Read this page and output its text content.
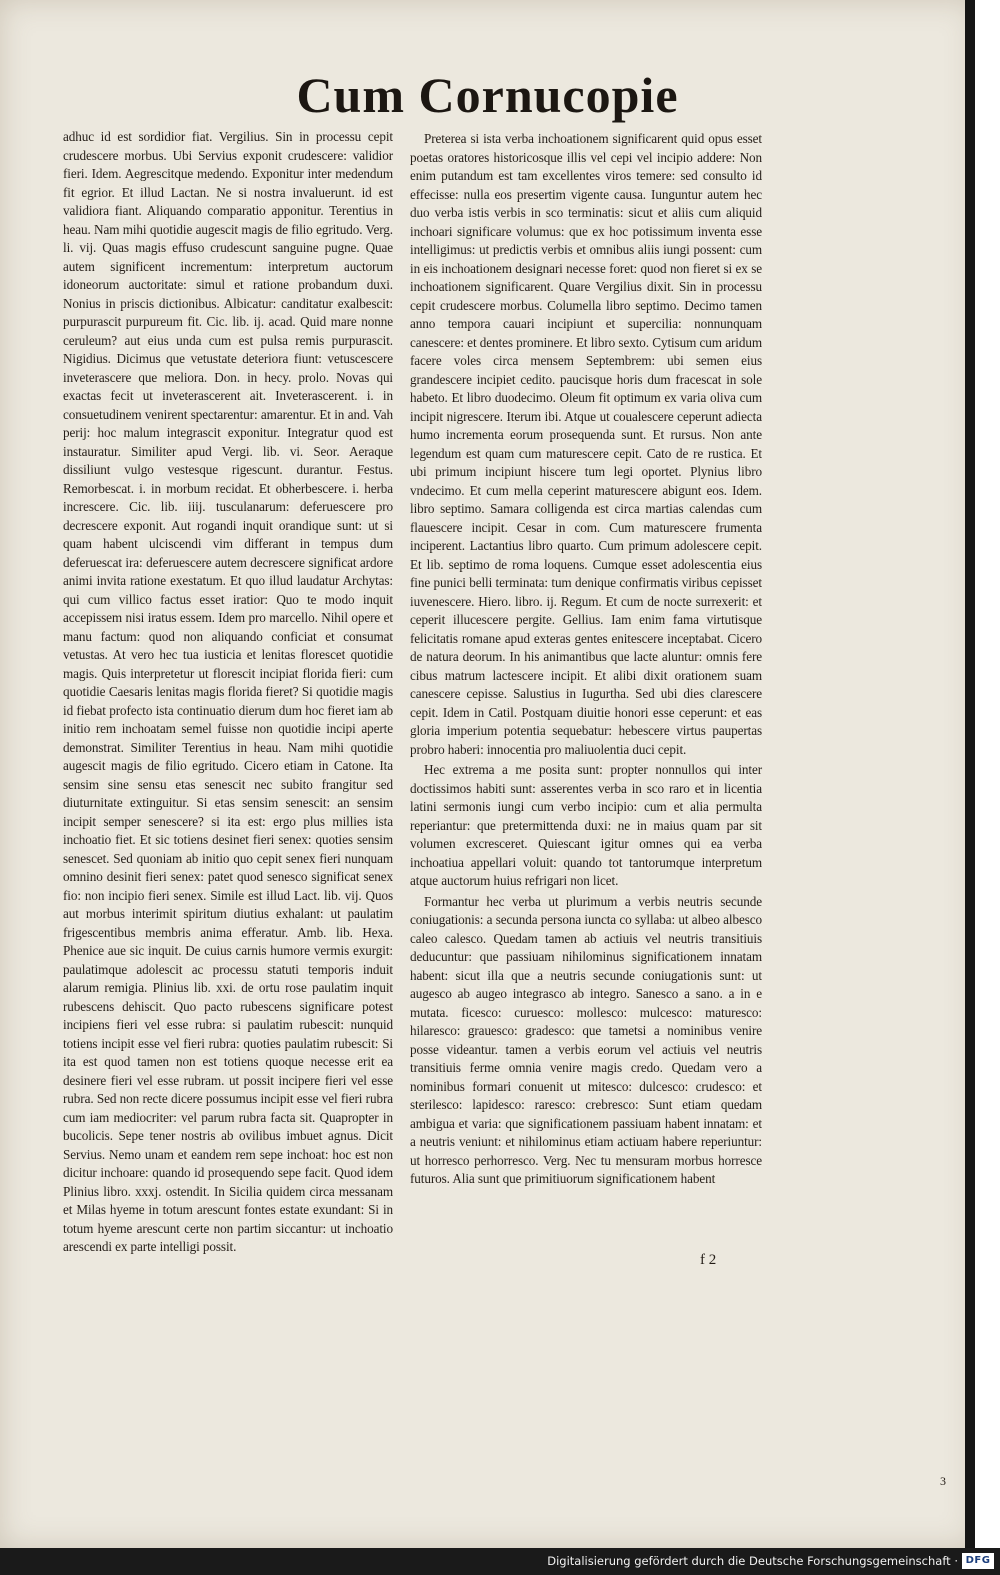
Cum Cornucopie

adhuc id est sordidior fiat. Vergilius. Sin in processu cepit crudescere morbus. Ubi Servius exponit crudescere: validior fieri. Idem. Aegrescitque medendo. Exponitur inter medendum fit egrior. Et illud Lactan. Ne si nostra invaluerunt. id est validiora fiant. Aliquando comparatio apponitur. Terentius in heau. Nam mihi quotidie augescit magis de filio egritudo. Verg. li. vij. Quas magis effuso crudescunt sanguine pugne. Quae autem significent incrementum: interpretum auctorum idoneorum auctoritate: simul et ratione probandum duxi. Nonius in priscis dictionibus. Albicatur: canditatur exalbescit: purpurascit purpureum fit. Cic. lib. ij. acad. Quid mare nonne ceruleum? aut eius unda cum est pulsa remis purpurascit. Nigidius. Dicimus que vetustate deteriora fiunt: vetuscescere inveterascere que meliora. Don. in hecy. prolo. Novas qui exactas fecit ut inveterascerent ait. Inveterascerent. i. in consuetudinem venirent spectarentur: amarentur. Et in and. Vah perij: hoc malum integrascit exponitur. Integratur quod est instauratur. Similiter apud Vergi. lib. vi. Seor. Aeraque dissiliunt vulgo vestesque rigescunt. durantur. Festus. Remorbescat. i. in morbum recidat. Et obherbescere. i. herba increscere. Cic. lib. iiij. tusculanarum: deferuescere pro decrescere exponit. Aut rogandi inquit orandique sunt: ut si quam habent ulciscendi vim differant in tempus dum deferuescat ira: deferuescere autem decrescere significat ardore animi invita ratione exestatum. Et quo illud laudatur Archytas: qui cum villico factus esset iratior: Quo te modo inquit accepissem nisi iratus essem. Idem pro marcello. Nihil opere et manu factum: quod non aliquando conficiat et consumat vetustas. At vero hec tua iusticia et lenitas florescet quotidie magis. Quis interpretetur ut florescit incipiat florida fieri: cum quotidie Caesaris lenitas magis florida fieret? Si quotidie magis id fiebat profecto ista continuatio dierum dum hoc fieret iam ab initio rem inchoatam semel fuisse non quotidie incipi aperte demonstrat. Similiter Terentius in heau. Nam mihi quotidie augescit magis de filio egritudo. Cicero etiam in Catone. Ita sensim sine sensu etas senescit nec subito frangitur sed diuturnitate extinguitur. Si etas sensim senescit: an sensim incipit semper senescere? si ita est: ergo plus millies ista inchoatio fiet. Et sic totiens desinet fieri senex: quoties sensim senescet. Sed quoniam ab initio quo cepit senex fieri nunquam omnino desinit fieri senex: patet quod senesco significat senex fio: non incipio fieri senex. Simile est illud Lact. lib. vij. Quos aut morbus interimit spiritum diutius exhalant: ut paulatim frigescentibus membris anima efferatur. Amb. lib. Hexa. Phenice aue sic inquit. De cuius carnis humore vermis exurgit: paulatimque adolescit ac processu statuti temporis induit alarum remigia. Plinius lib. xxi. de ortu rose paulatim inquit rubescens dehiscit. Quo pacto rubescens significare potest incipiens fieri vel esse rubra: si paulatim rubescit: nunquid totiens incipit esse vel fieri rubra: quoties paulatim rubescit: Si ita est quod tamen non est totiens quoque necesse erit ea desinere fieri vel esse rubram. ut possit incipere fieri vel esse rubra. Sed non recte dicere possumus incipit esse vel fieri rubra cum iam mediocriter: vel parum rubra facta sit. Quapropter in bucolicis. Sepe tener nostris ab ovilibus imbuet agnus. Dicit Servius. Nemo unam et eandem rem sepe inchoat: hoc est non dicitur inchoare: quando id prosequendo sepe facit. Quod idem Plinius libro. xxxj. ostendit. In Sicilia quidem circa messanam et Milas hyeme in totum arescunt fontes estate exundant: Si in totum hyeme arescunt certe non partim siccantur: ut inchoatio arescendi ex parte intelligi possit.

Preterea si ista verba inchoationem significarent quid opus esset poetas oratores historicosque illis vel cepi vel incipio addere: Non enim putandum est tam excellentes viros temere: sed consulto id effecisse: nulla eos presertim vigente causa. Iunguntur autem hec duo verba istis verbis in sco terminatis: sicut et aliis cum aliquid inchoari significare volumus: que ex hoc potissimum inventa esse intelligimus: ut predictis verbis et omnibus aliis iungi possent: cum in eis inchoationem designari necesse foret: quod non fieret si ex se inchoationem significarent. Quare Vergilius dixit. Sin in processu cepit crudescere morbus. Columella libro septimo. Decimo tamen anno tempora cauari incipiunt et supercilia: nonnunquam canescere: et dentes prominere. Et libro sexto. Cytisum cum aridum facere voles circa mensem Septembrem: ubi semen eius grandescere incipiet cedito. paucisque horis dum fracescat in sole habeto. Et libro duodecimo. Oleum fit optimum ex varia oliva cum incipit nigrescere. Iterum ibi. Atque ut coualescere ceperunt adiecta humo incrementa eorum prosequenda sunt. Et rursus. Non ante legendum est quam cum maturescere cepit. Cato de re rustica. Et ubi primum incipiunt hiscere tum legi oportet. Plynius libro vndecimo. Et cum mella ceperint maturescere abigunt eos. Idem. libro septimo. Samara colligenda est circa martias calendas cum flauescere incipit. Cesar in com. Cum maturescere frumenta inciperent. Lactantius libro quarto. Cum primum adolescere cepit. Et lib. septimo de roma loquens. Cumque esset adolescentia eius fine punici belli terminata: tum denique confirmatis viribus cepisset iuvenescere. Hiero. libro. ij. Regum. Et cum de nocte surrexerit: et ceperit illucescere pergite. Gellius. Iam enim fama virtutisque felicitatis romane apud exteras gentes enitescere inceptabat. Cicero de natura deorum. In his animantibus que lacte aluntur: omnis fere cibus matrum lactescere incipit. Et alibi dixit orationem suam canescere cepisse. Salustius in Iugurtha. Sed ubi dies clarescere cepit. Idem in Catil. Postquam diuitie honori esse ceperunt: et eas gloria imperium potentia sequebatur: hebescere virtus paupertas probro haberi: innocentia pro maliuolentia duci cepit.

Hec extrema a me posita sunt: propter nonnullos qui inter doctissimos habiti sunt: asserentes verba in sco raro et in licentia latini sermonis iungi cum verbo incipio: cum et alia permulta reperiantur: que pretermittenda duxi: ne in maius quam par sit volumen excresceret. Quiescant igitur omnes qui ea verba inchoatiua appellari voluit: quando tot tantorumque interpretum atque auctorum huius refrigari non licet.

Formantur hec verba ut plurimum a verbis neutris secunde coniugationis: a secunda persona iuncta co syllaba: ut albeo albesco caleo calesco. Quedam tamen ab actiuis vel neutris transitiuis deducuntur: que passiuam nihilominus significationem innatam habent: sicut illa que a neutris secunde coniugationis sunt: ut augesco ab augeo integrasco ab integro. Sanesco a sano. a in e mutata. ficesco: curuesco: mollesco: mulcesco: maturesco: hilaresco: grauesco: gradesco: que tametsi a nominibus venire posse videantur. tamen a verbis eorum vel actiuis vel neutris transitiuis ferme omnia venire magis credo. Quedam vero a nominibus formari conuenit ut mitesco: dulcesco: crudesco: et sterilesco: lapidesco: raresco: crebresco: Sunt etiam quedam ambigua et varia: que significationem passiuam habent innatam: et a neutris veniunt: et nihilominus etiam actiuam habere reperiuntur: ut horresco perhorresco. Verg. Nec tu mensuram morbus horresce futuros. Alia sunt que primitiuorum significationem habent

f 2
3
Digitalisierung gefördert durch die Deutsche Forschungsgemeinschaft · DFG
